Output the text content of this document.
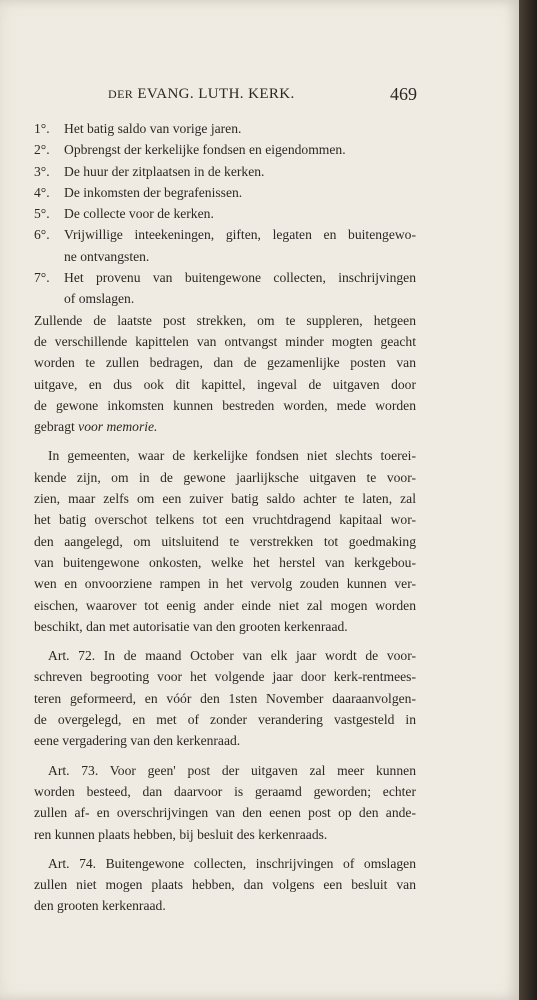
DER EVANG. LUTH. KERK.	469
1°. Het batig saldo van vorige jaren.
2°. Opbrengst der kerkelijke fondsen en eigendommen.
3°. De huur der zitplaatsen in de kerken.
4°. De inkomsten der begrafenissen.
5°. De collecte voor de kerken.
6°. Vrijwillige inteekeningen, giften, legaten en buitengewo-
ne ontvangsten.
7°. Het provenu van buitengewone collecten, inschrijvingen
of omslagen.
Zullende de laatste post strekken, om te suppleren, hetgeen
de verschillende kapittelen van ontvangst minder mogten geacht
worden te zullen bedragen, dan de gezamenlijke posten van
uitgave, en dus ook dit kapittel, ingeval de uitgaven door
de gewone inkomsten kunnen bestreden worden, mede worden
gebragt voor memorie.
In gemeenten, waar de kerkelijke fondsen niet slechts toerei-
kende zijn, om in de gewone jaarlijksche uitgaven te voor-
zien, maar zelfs om een zuiver batig saldo achter te laten, zal
het batig overschot telkens tot een vruchtdragend kapitaal wor-
den aangelegd, om uitsluitend te verstrekken tot goedmaking
van buitengewone onkosten, welke het herstel van kerkgebou-
wen en onvoorziene rampen in het vervolg zouden kunnen ver-
eischen, waarover tot eenig ander einde niet zal mogen worden
beschikt, dan met autorisatie van den grooten kerkenraad.
Art. 72. In de maand October van elk jaar wordt de voor-
schreven begrooting voor het volgende jaar door kerk-rentmees-
teren geformeerd, en vóór den 1sten November daaraanvolgen-
de overgelegd, en met of zonder verandering vastgesteld in
eene vergadering van den kerkenraad.
Art. 73. Voor geen' post der uitgaven zal meer kunnen
worden besteed, dan daarvoor is geraamd geworden; echter
zullen af- en overschrijvingen van den eenen post op den ande-
ren kunnen plaats hebben, bij besluit des kerkenraads.
Art. 74. Buitengewone collecten, inschrijvingen of omslagen
zullen niet mogen plaats hebben, dan volgens een besluit van
den grooten kerkenraad.
